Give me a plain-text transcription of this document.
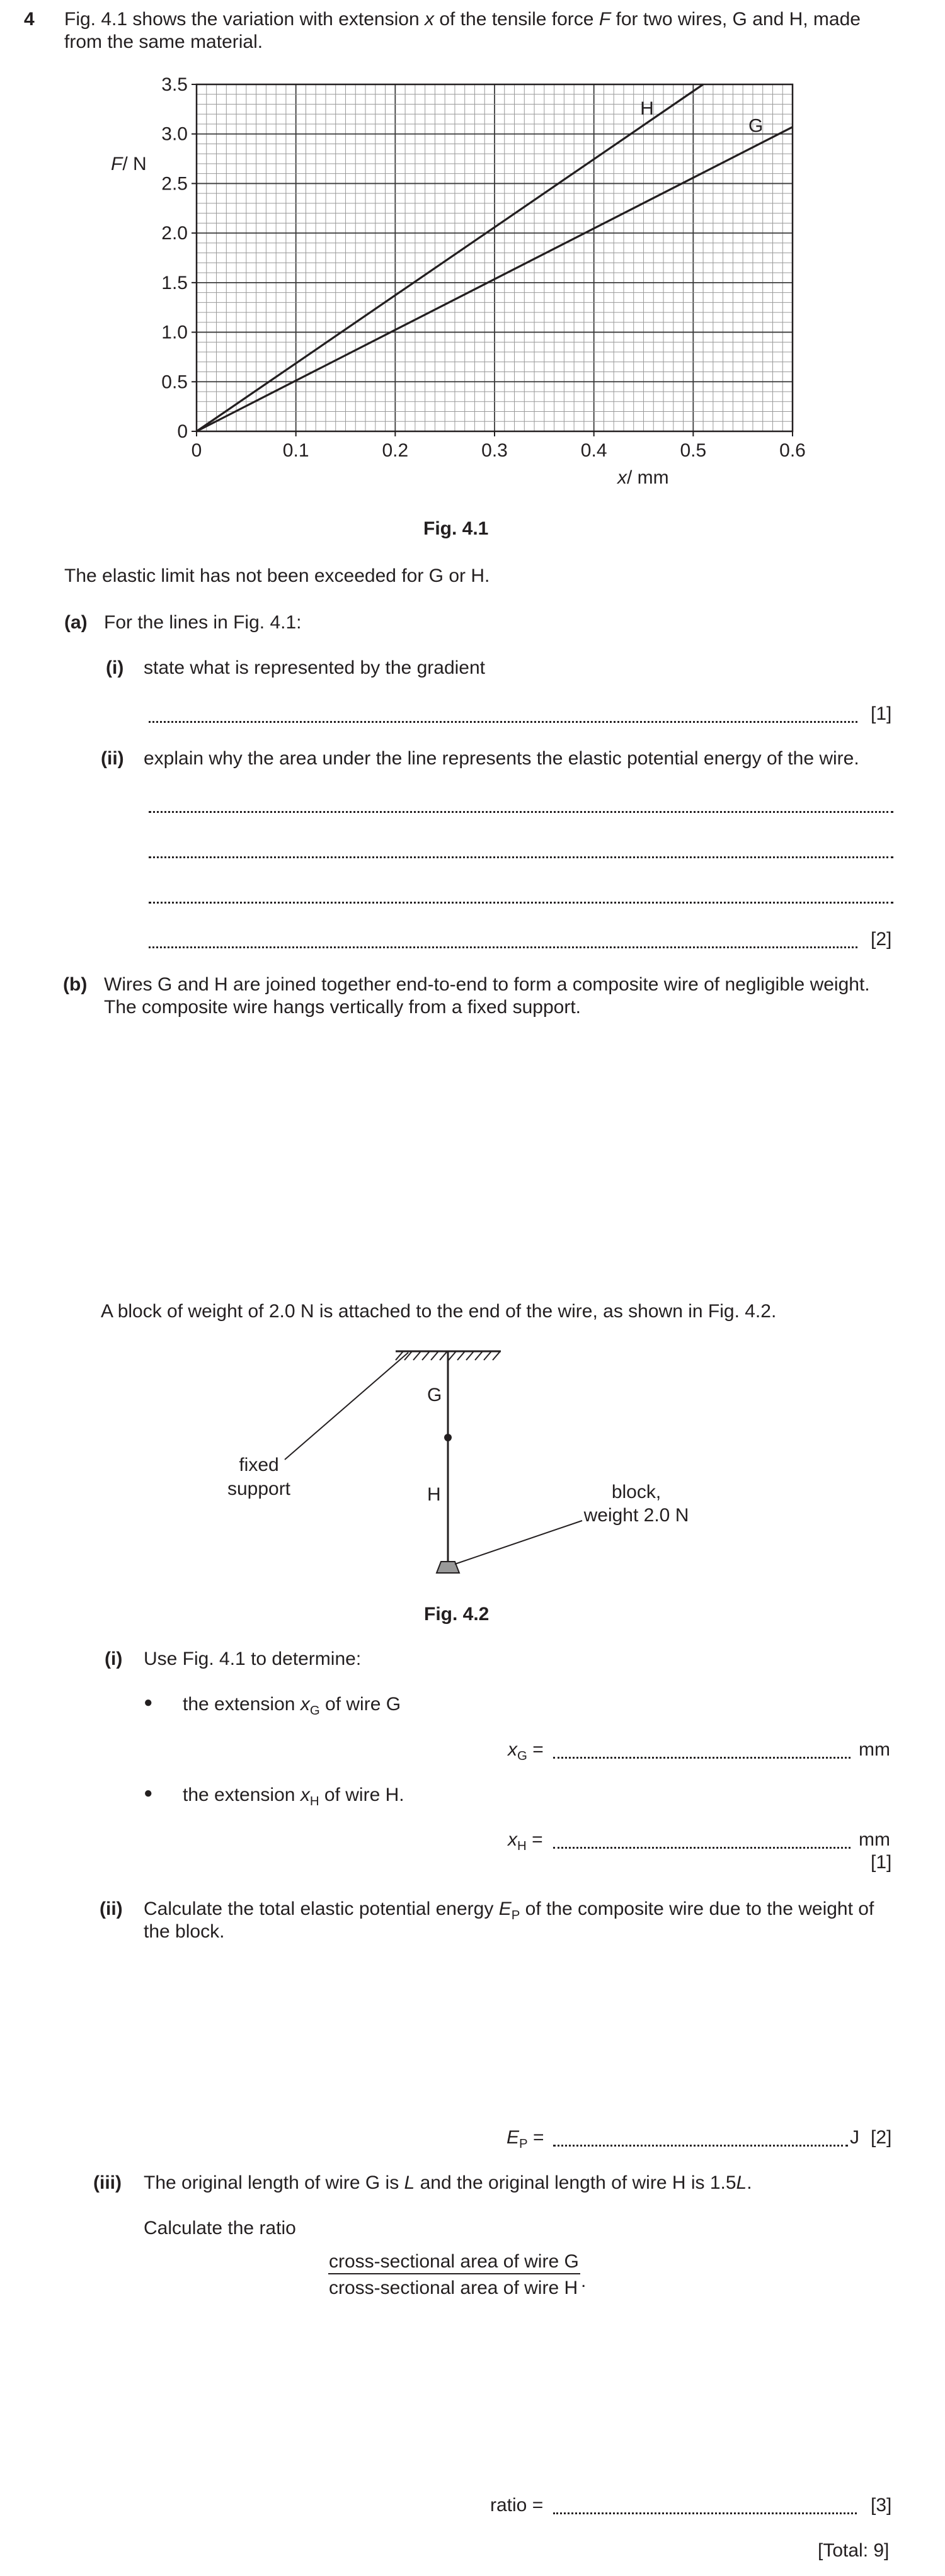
4 Fig. 4.1 shows the variation with extension x of the tensile force F for two wires, G and H, made
from the same material.
0	0.1	0.2	0.3	0.4	0.5	0.6
0
0.5
1.0
1.5
2.0
2.5
3.0
3.5
H
G
F/ N
x/ mm
Fig. 4.1
The elastic limit has not been exceeded for G or H.
(a) For the lines in Fig. 4.1:
(i) state what is represented by the gradient
[1]
(ii) explain why the area under the line represents the elastic potential energy of the wire.
[2]
(b) Wires G and H are joined together end-to-end to form a composite wire of negligible weight.
The composite wire hangs vertically from a fixed support.
A block of weight of 2.0 N is attached to the end of the wire, as shown in Fig. 4.2.
G
H
fixed
support	block,
weight 2.0 N
Fig. 4.2
(i) Use Fig. 4.1 to determine:
● the extension $x_G$ of wire G
$x_G$ =	mm
● the extension $x_H$ of wire H.
$x_H$ =	mm
[1]
(ii) Calculate the total elastic potential energy $E_P$ of the composite wire due to the weight of
the block.
$E_P$ =	J [2]
(iii) The original length of wire G is L and the original length of wire H is 1.5L.
Calculate the ratio
cross-sectional area of wire G
cross-sectional area of wire H .
ratio =	[3]
[Total: 9]
